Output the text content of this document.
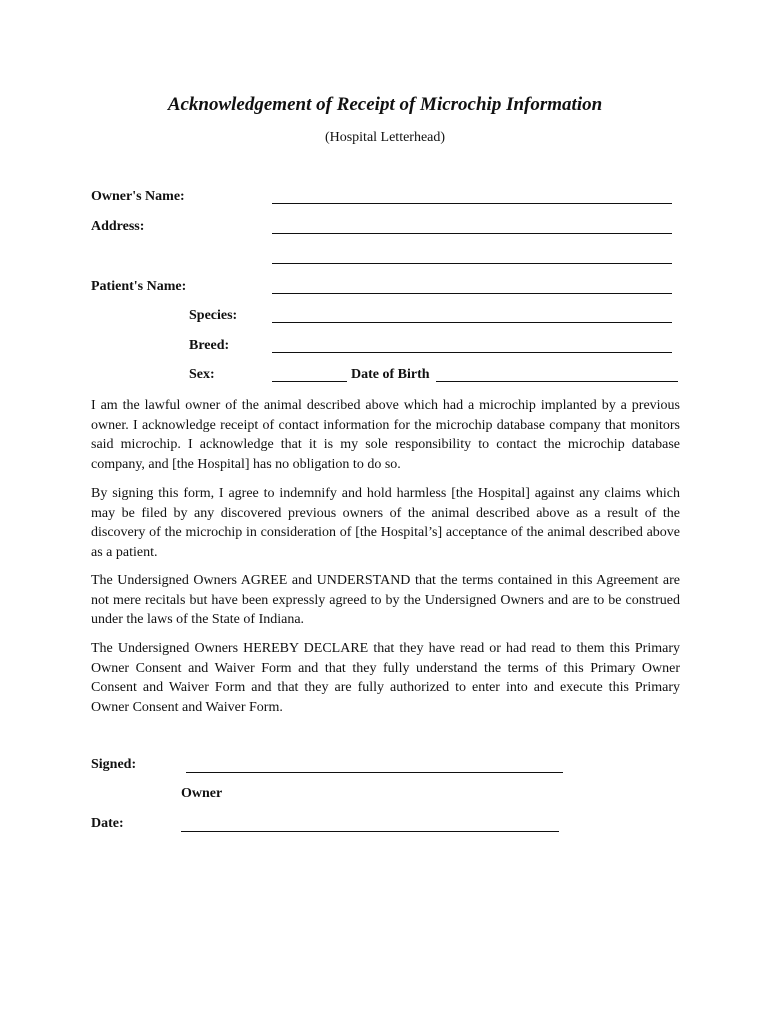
Acknowledgement of Receipt of Microchip Information
(Hospital Letterhead)
Owner's Name:
Address:
Patient's Name:
Species:
Breed:
Sex:	Date of Birth
I am the lawful owner of the animal described above which had a microchip implanted by a previous owner. I acknowledge receipt of contact information for the microchip database company that monitors said microchip. I acknowledge that it is my sole responsibility to contact the microchip database company, and [the Hospital] has no obligation to do so.
By signing this form, I agree to indemnify and hold harmless [the Hospital] against any claims which may be filed by any discovered previous owners of the animal described above as a result of the discovery of the microchip in consideration of [the Hospital’s] acceptance of the animal described above as a patient.
The Undersigned Owners AGREE and UNDERSTAND that the terms contained in this Agreement are not mere recitals but have been expressly agreed to by the Undersigned Owners and are to be construed under the laws of the State of Indiana.
The Undersigned Owners HEREBY DECLARE that they have read or had read to them this Primary Owner Consent and Waiver Form and that they fully understand the terms of this Primary Owner Consent and Waiver Form and that they are fully authorized to enter into and execute this Primary Owner Consent and Waiver Form.
Signed:
Owner
Date:
